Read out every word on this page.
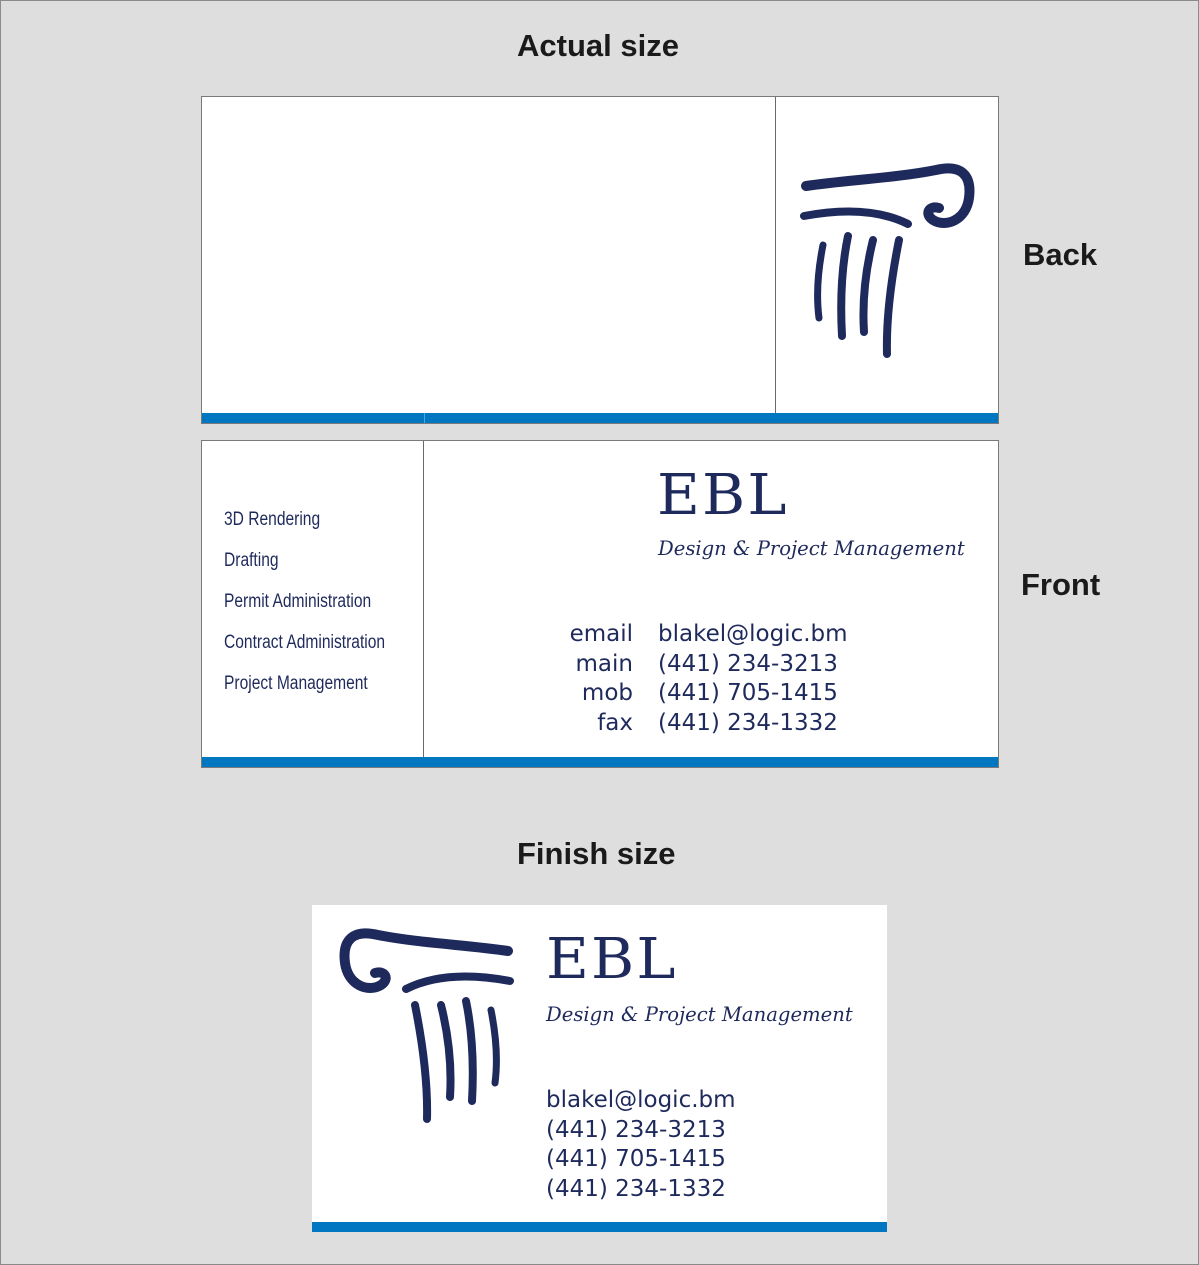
Actual size
Back
Front
Finish size
3D Rendering
Drafting
Permit Administration
Contract Administration
Project Management
EBL
Design & Project Management
email
main
mob
fax
blakel@logic.bm
(441) 234-3213
(441) 705-1415
(441) 234-1332
EBL
Design & Project Management
blakel@logic.bm
(441) 234-3213
(441) 705-1415
(441) 234-1332
